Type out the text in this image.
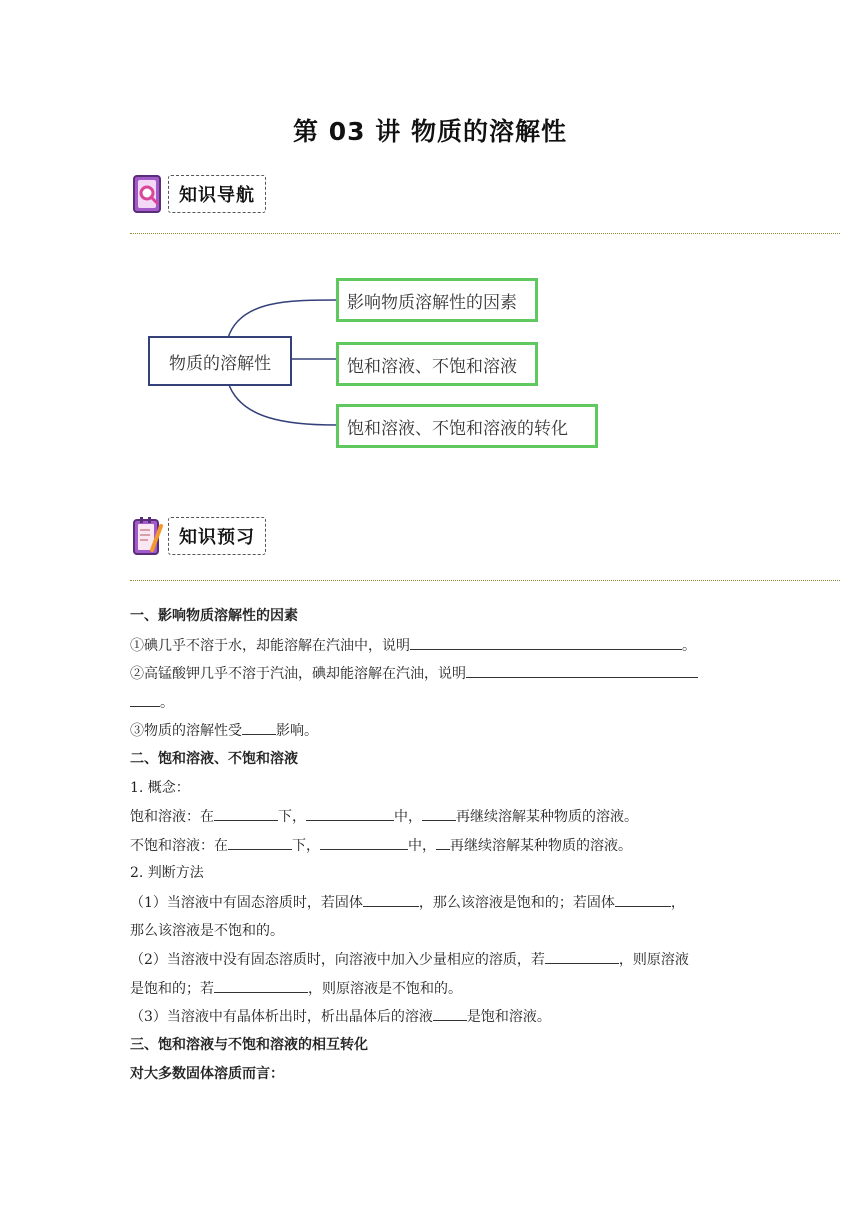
第 03 讲 物质的溶解性
知识导航
物质的溶解性
影响物质溶解性的因素
饱和溶液、不饱和溶液
饱和溶液、不饱和溶液的转化
知识预习
一、影响物质溶解性的因素
①碘几乎不溶于水，却能溶解在汽油中，说明	。
②高锰酸钾几乎不溶于汽油，碘却能溶解在汽油，说明
。
③物质的溶解性受 影响。
二、饱和溶液、不饱和溶液
1. 概念：
饱和溶液：在	下，	中， 再继续溶解某种物质的溶液。
不饱和溶液：在	下，	中， 再继续溶解某种物质的溶液。
2. 判断方法
（1）当溶液中有固态溶质时，若固体	，那么该溶液是饱和的；若固体	，
那么该溶液是不饱和的。
（2）当溶液中没有固态溶质时，向溶液中加入少量相应的溶质，若	，则原溶液
是饱和的；若	，则原溶液是不饱和的。
（3）当溶液中有晶体析出时，析出晶体后的溶液 是饱和溶液。
三、饱和溶液与不饱和溶液的相互转化
对大多数固体溶质而言：
